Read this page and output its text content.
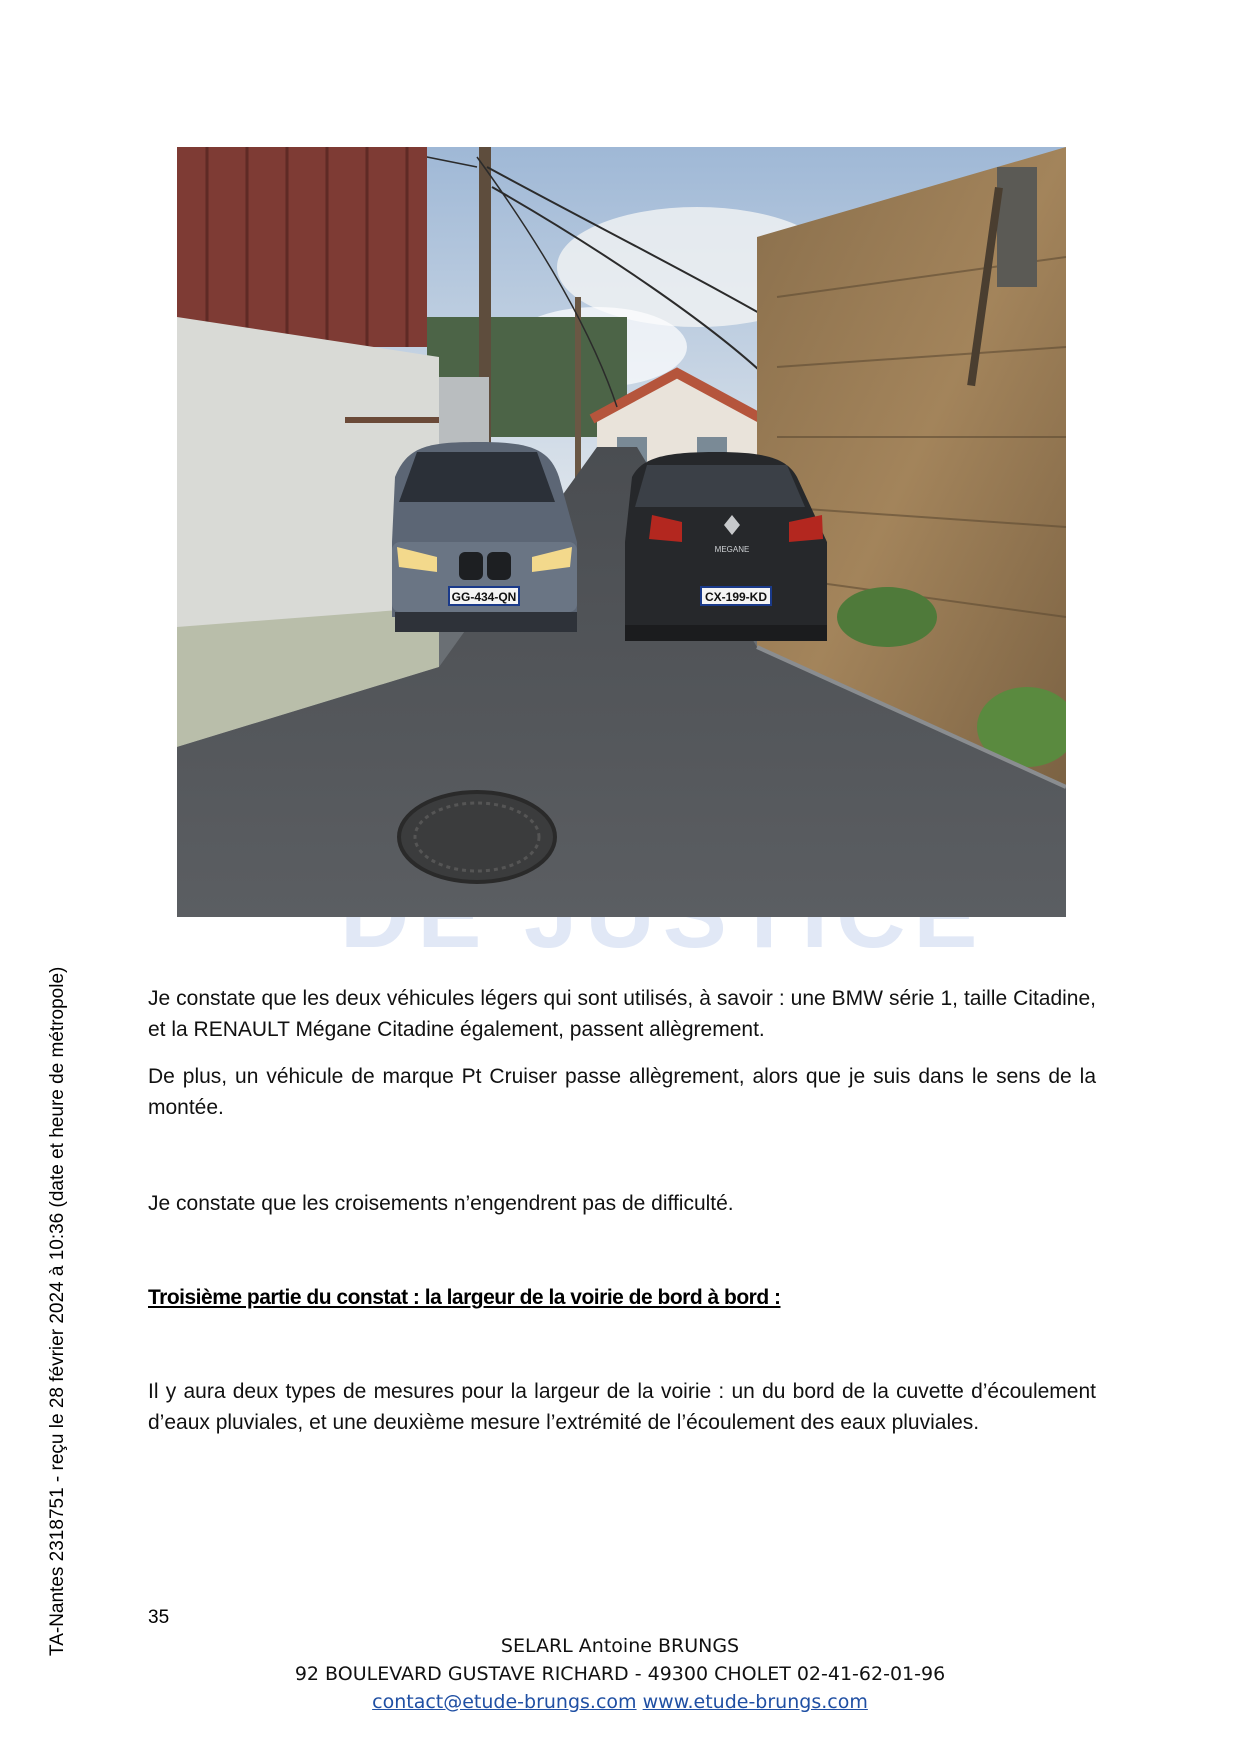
GG-434-QN
MEGANE
CX-199-KD
TA-Nantes 2318751 - reçu le 28 février 2024 à 10:36 (date et heure de métropole)	Je constate que les deux véhicules légers qui sont utilisés, à savoir : une BMW série 1, taille Citadine, et la RENAULT Mégane Citadine également, passent allègrement.

De plus, un véhicule de marque Pt Cruiser passe allègrement, alors que je suis dans le sens de la montée.

Je constate que les croisements n’engendrent pas de difficulté.

Troisième partie du constat : la largeur de la voirie de bord à bord :

Il y aura deux types de mesures pour la largeur de la voirie : un du bord de la cuvette d’écoulement d’eaux pluviales, et une deuxième mesure l’extrémité de l’écoulement des eaux pluviales.

35
SELARL Antoine BRUNGS
92 BOULEVARD GUSTAVE RICHARD - 49300 CHOLET 02-41-62-01-96
contact@etude-brungs.com www.etude-brungs.com
